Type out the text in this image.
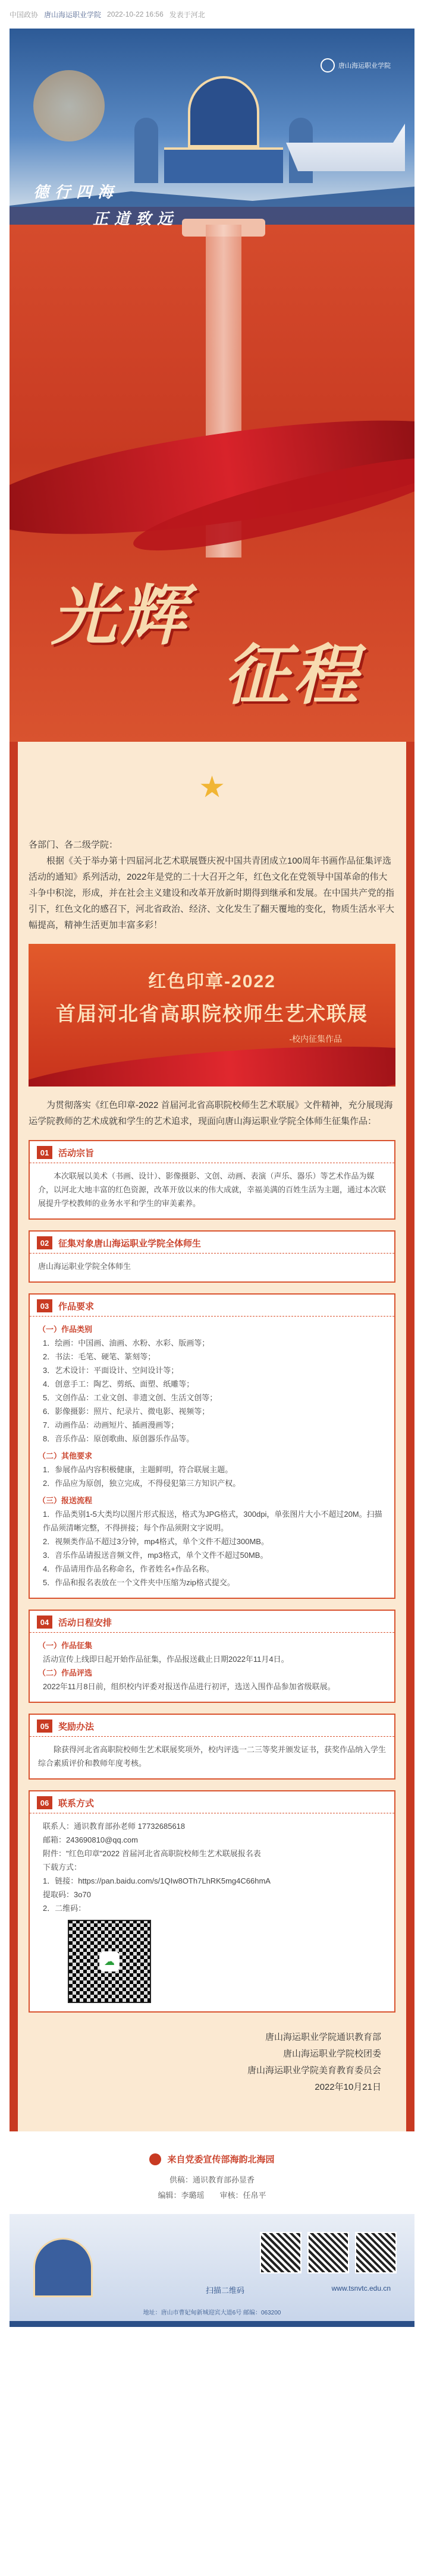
中国政协 唐山海运职业学院 2022-10-22 16:56 发表于河北
唐山海运职业学院
德行四海
正道致远
光辉
征程
★

各部门、各二级学院：

根据《关于举办第十四届河北艺术联展暨庆祝中国共青团成立100周年书画作品征集评选活动的通知》系列活动，2022年是党的二十大召开之年，红色文化在党领导中国革命的伟大斗争中积淀，形成，并在社会主义建设和改革开放新时期得到继承和发展。在中国共产党的指引下，红色文化的感召下，河北省政治、经济、文化发生了翻天覆地的变化，物质生活水平大幅提高，精神生活更加丰富多彩！

红色印章-2022
首届河北省高职院校师生艺术联展
-校内征集作品

为贯彻落实《红色印章-2022 首届河北省高职院校师生艺术联展》文件精神，充分展现海运学院教师的艺术成就和学生的艺术追求，现面向唐山海运职业学院全体师生征集作品：

01	活动宗旨
本次联展以美术（书画、设计）、影像摄影、文创、动画、表演（声乐、器乐）等艺术作品为媒介，以河北大地丰富的红色资源，改革开放以来的伟大成就，幸福美满的百姓生活为主题，通过本次联展提升学校教师的业务水平和学生的审美素养。
02	征集对象唐山海运职业学院全体师生
唐山海运职业学院全体师生
03	作品要求
（一）作品类别
1．绘画：中国画、油画、水粉、水彩、版画等；
2．书法：毛笔、硬笔、篆刻等；
3．艺术设计：平面设计、空间设计等；
4．创意手工：陶艺、剪纸、面塑、纸雕等；
5．文创作品：工业文创、非遗文创、生活文创等；
6．影像摄影：照片、纪录片、微电影、视频等；
7．动画作品：动画短片、插画漫画等；
8．音乐作品：原创歌曲、原创器乐作品等。
（二）其他要求
1．参展作品内容积极健康，主题鲜明，符合联展主题。
2．作品应为原创，独立完成，不得侵犯第三方知识产权。
（三）报送流程
1．作品类别1-5大类均以图片形式报送，格式为JPG格式，300dpi，单张图片大小不超过20M。扫描作品须清晰完整，不得拼接；每个作品须附文字说明。
2．视频类作品不超过3分钟，mp4格式，单个文件不超过300MB。
3．音乐作品请报送音频文件，mp3格式，单个文件不超过50MB。
4．作品请用作品名称命名，作者姓名+作品名称。
5．作品和报名表放在一个文件夹中压缩为zip格式提交。
04	活动日程安排
（一）作品征集
活动宣传上线即日起开始作品征集，作品报送截止日期2022年11月4日。
（二）作品评选
2022年11月8日前，组织校内评委对报送作品进行初评，选送入围作品参加省级联展。
05	奖励办法
除获得河北省高职院校师生艺术联展奖项外，校内评选一二三等奖并颁发证书，获奖作品纳入学生综合素质评价和教师年度考核。
06	联系方式
联系人：通识教育部孙老师 17732685618
邮箱：243690810@qq.com
附件："红色印章"2022 首届河北省高职院校师生艺术联展报名表
下载方式：
1．链接：https://pan.baidu.com/s/1QIw8OTh7LhRK5mg4C66hmA
提取码：3o70
2．二维码：
☁
唐山海运职业学院通识教育部
唐山海运职业学院校团委
唐山海运职业学院美育教育委员会
2022年10月21日
来自党委宣传部海韵北海园
供稿：通识教育部孙显香
编辑：李璐瑶　　审核：任帛平
扫描二维码	www.tsnvtc.edu.cn
地址：唐山市曹妃甸新城迎宾大道6号 邮编：063200
